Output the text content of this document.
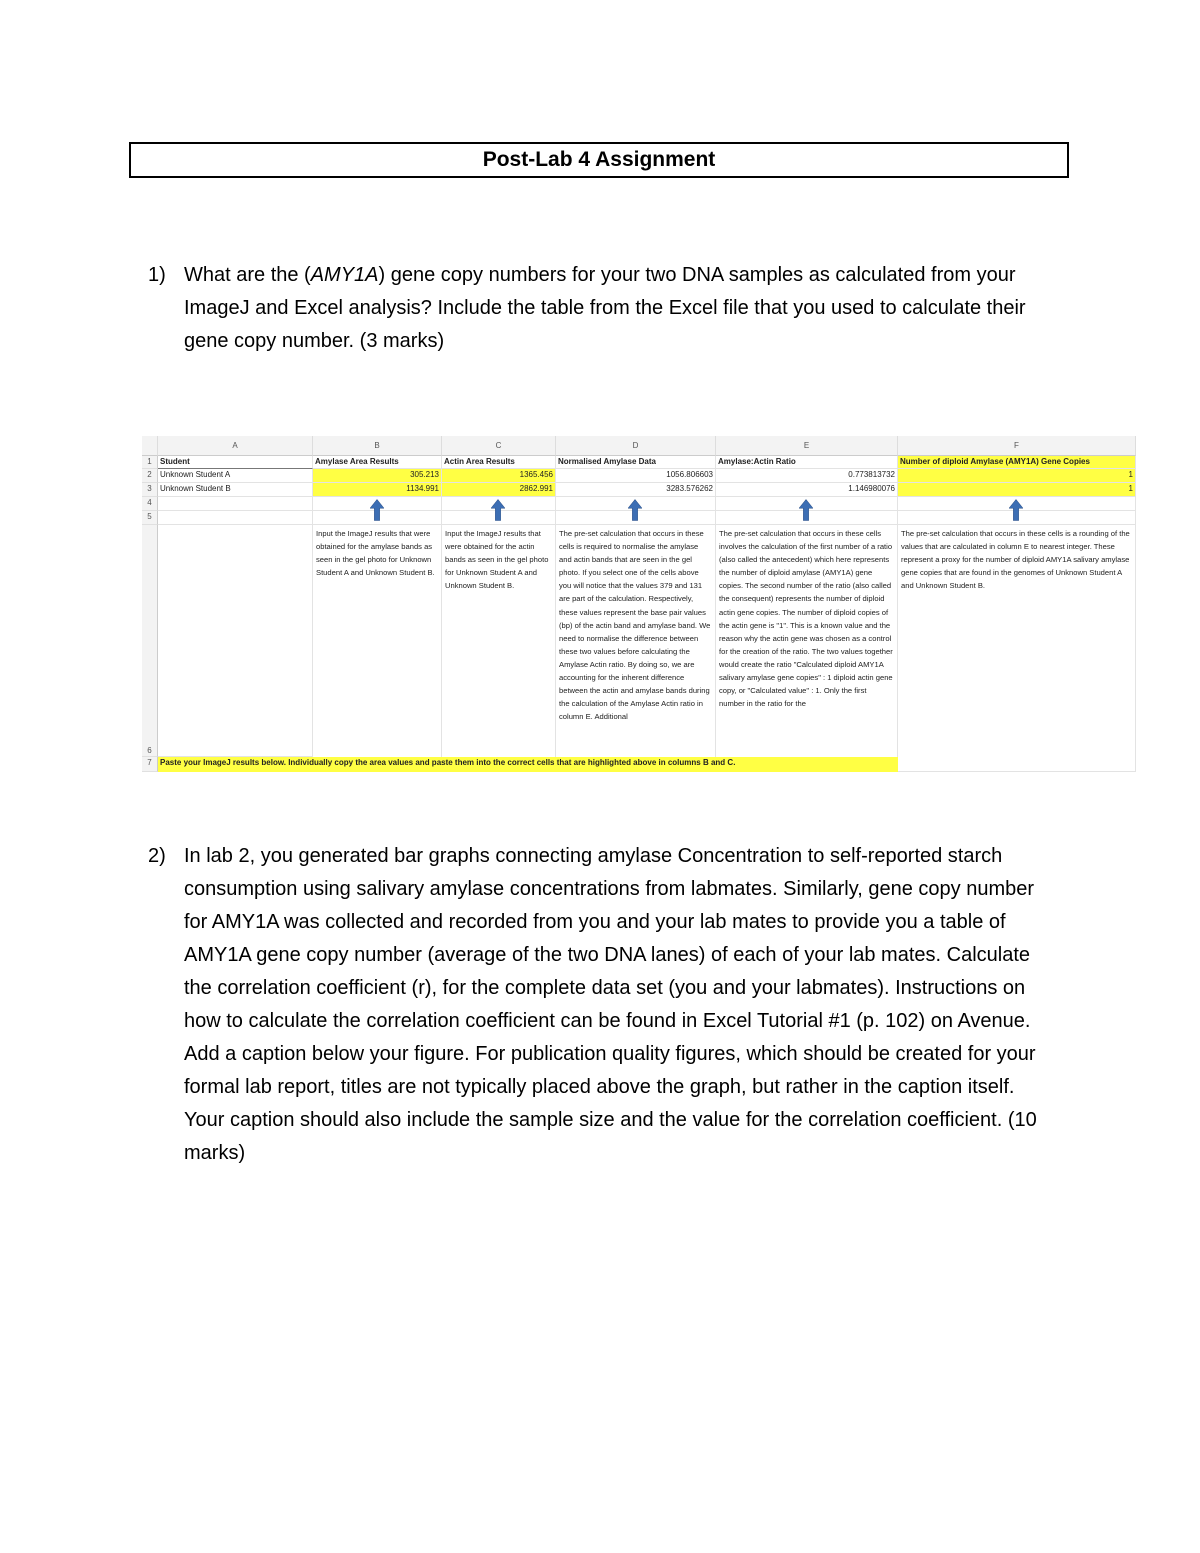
Post-Lab 4 Assignment
1) What are the (AMY1A) gene copy numbers for your two DNA samples as calculated from your ImageJ and Excel analysis? Include the table from the Excel file that you used to calculate their gene copy number. (3 marks)
A	B	C	D	E	F
1
2
3
4
5
6
7
Student	Amylase Area Results	Actin Area Results	Normalised Amylase Data	Amylase:Actin Ratio	Number of diploid Amylase (AMY1A) Gene Copies
Unknown Student A	305.213	1365.456	1056.806603	0.773813732	1
Unknown Student B	1134.991	2862.991	3283.576262	1.146980076	1
Input the ImageJ results that were obtained for the amylase bands as seen in the gel photo for Unknown Student A and Unknown Student B.
Input the ImageJ results that were obtained for the actin bands as seen in the gel photo for Unknown Student A and Unknown Student B.
The pre-set calculation that occurs in these cells is required to normalise the amylase and actin bands that are seen in the gel photo. If you select one of the cells above you will notice that the values 379 and 131 are part of the calculation. Respectively, these values represent the base pair values (bp) of the actin band and amylase band. We need to normalise the difference between these two values before calculating the Amylase Actin ratio. By doing so, we are accounting for the inherent difference between the actin and amylase bands during the calculation of the Amylase Actin ratio in column E. Additional
The pre-set calculation that occurs in these cells involves the calculation of the first number of a ratio (also called the antecedent) which here represents the number of diploid amylase (AMY1A) gene copies. The second number of the ratio (also called the consequent) represents the number of diploid actin gene copies. The number of diploid copies of the actin gene is "1". This is a known value and the reason why the actin gene was chosen as a control for the creation of the ratio. The two values together would create the ratio "Calculated diploid AMY1A salivary amylase gene copies" : 1 diploid actin gene copy, or "Calculated value" : 1. Only the first number in the ratio for the
The pre-set calculation that occurs in these cells is a rounding of the values that are calculated in column E to nearest integer. These represent a proxy for the number of diploid AMY1A salivary amylase gene copies that are found in the genomes of Unknown Student A and Unknown Student B.
Paste your ImageJ results below. Individually copy the area values and paste them into the correct cells that are highlighted above in columns B and C.
2) In lab 2, you generated bar graphs connecting amylase Concentration to self-reported starch consumption using salivary amylase concentrations from labmates. Similarly, gene copy number for AMY1A was collected and recorded from you and your lab mates to provide you a table of AMY1A gene copy number (average of the two DNA lanes) of each of your lab mates. Calculate the correlation coefficient (r), for the complete data set (you and your labmates). Instructions on how to calculate the correlation coefficient can be found in Excel Tutorial #1 (p. 102) on Avenue. Add a caption below your figure. For publication quality figures, which should be created for your formal lab report, titles are not typically placed above the graph, but rather in the caption itself. Your caption should also include the sample size and the value for the correlation coefficient. (10 marks)
